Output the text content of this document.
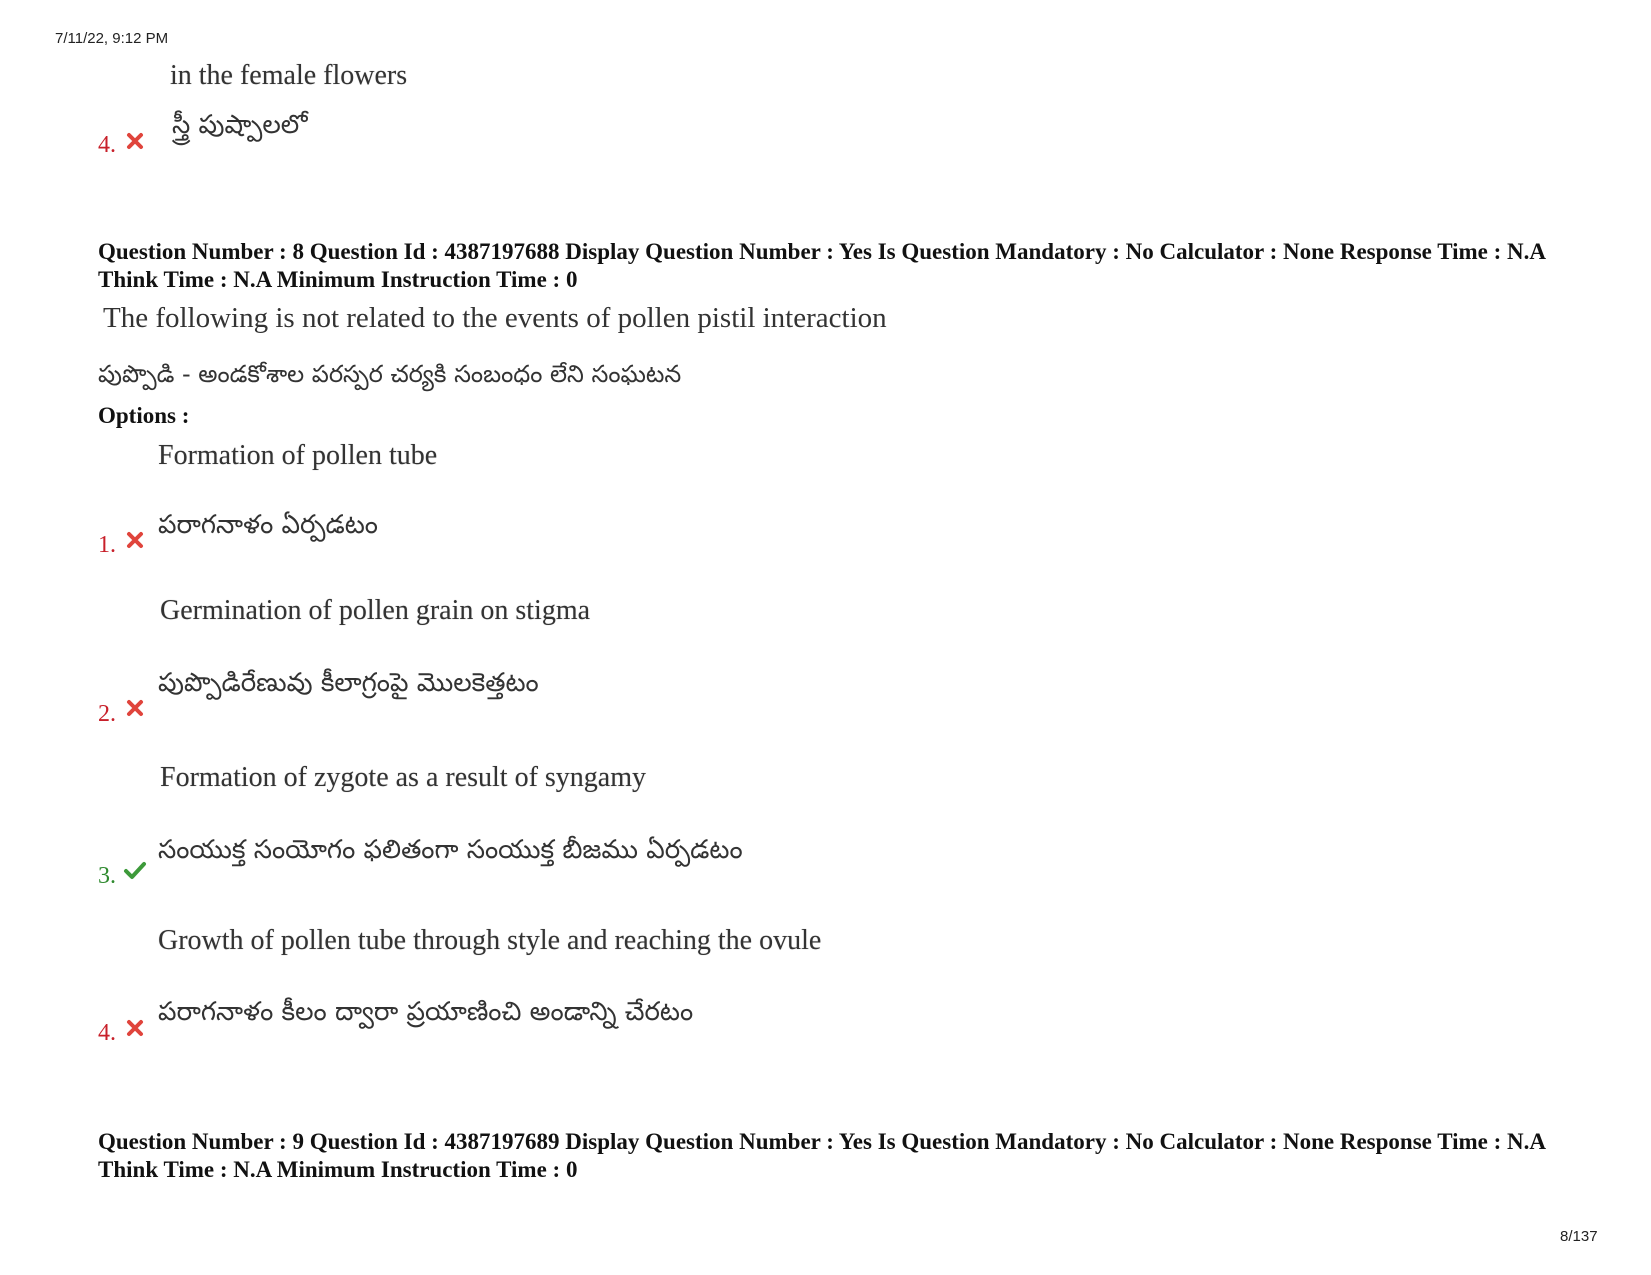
7/11/22, 9:12 PM
8/137
in the female flowers
స్త్రీ పుష్పాలలో
4.
Question Number : 8 Question Id : 4387197688 Display Question Number : Yes Is Question Mandatory : No Calculator : None Response Time : N.A Think Time : N.A Minimum Instruction Time : 0
The following is not related to the events of pollen pistil interaction
పుప్పొడి - అండకోశాల పరస్పర చర్యకి సంబంధం లేని సంఘటన
Options :
Formation of pollen tube
పరాగనాళం ఏర్పడటం
1.
Germination of pollen grain on stigma
పుప్పొడిరేణువు కీలాగ్రంపై మొలకెత్తటం
2.
Formation of zygote as a result of syngamy
సంయుక్త సంయోగం ఫలితంగా సంయుక్త బీజము ఏర్పడటం
3.
Growth of pollen tube through style and reaching the ovule
పరాగనాళం కీలం ద్వారా ప్రయాణించి అండాన్ని చేరటం
4.
Question Number : 9 Question Id : 4387197689 Display Question Number : Yes Is Question Mandatory : No Calculator : None Response Time : N.A Think Time : N.A Minimum Instruction Time : 0
